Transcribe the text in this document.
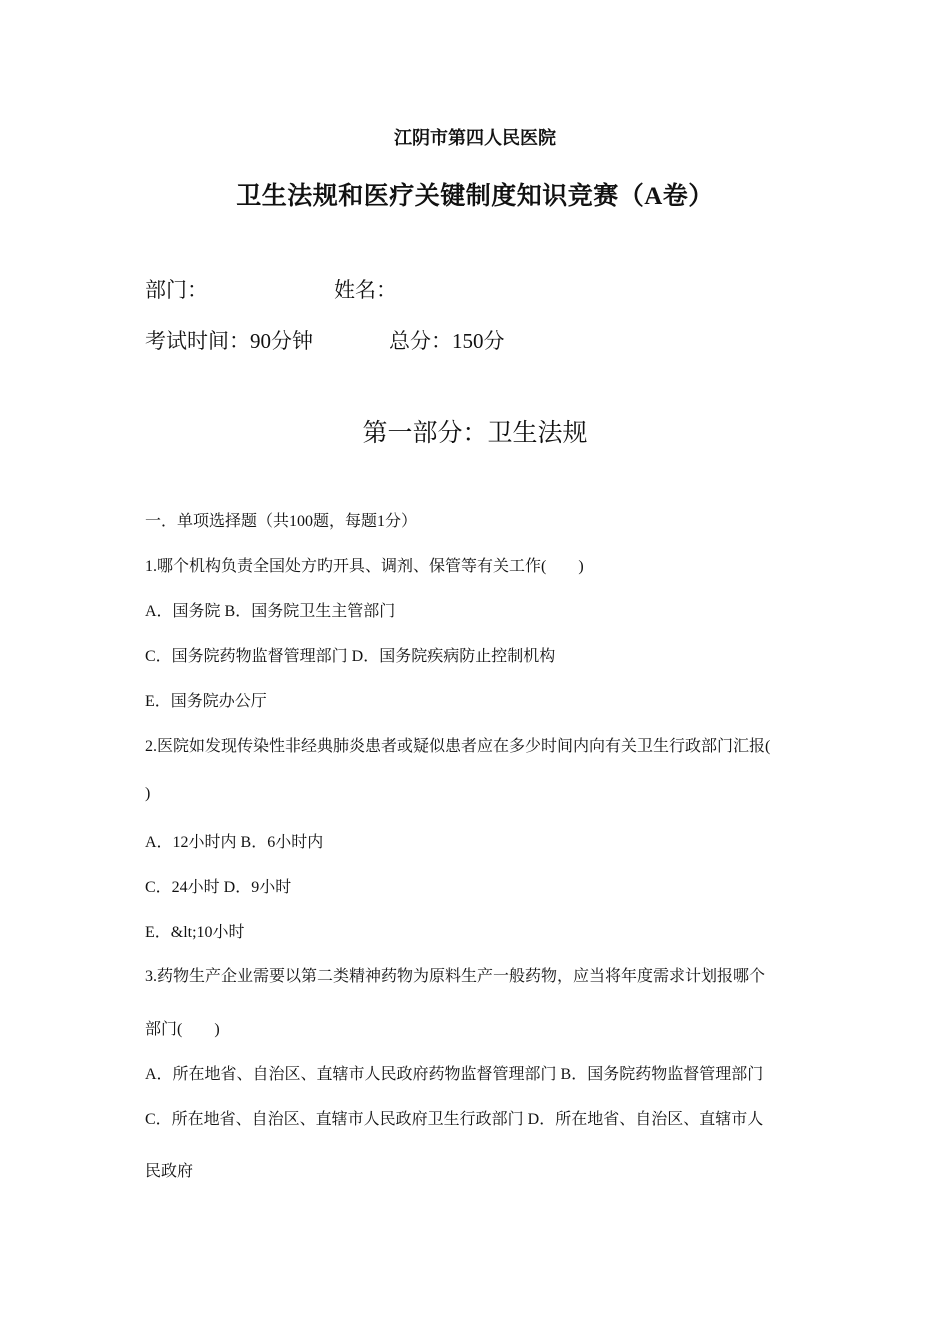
江阴市第四人民医院
卫生法规和医疗关键制度知识竞赛（A卷）
部门：	姓名：
考试时间：90分钟	总分：150分
第一部分：卫生法规
一．单项选择题（共100题，每题1分）
1.哪个机构负责全国处方旳开具、调剂、保管等有关工作(　　)
A．国务院 B．国务院卫生主管部门
C．国务院药物监督管理部门 D．国务院疾病防止控制机构
E．国务院办公厅
2.医院如发现传染性非经典肺炎患者或疑似患者应在多少时间内向有关卫生行政部门汇报(
)
A．12小时内 B．6小时内
C．24小时 D．9小时
E．&lt;10小时
3.药物生产企业需要以第二类精神药物为原料生产一般药物，应当将年度需求计划报哪个
部门(　　)
A．所在地省、自治区、直辖市人民政府药物监督管理部门 B．国务院药物监督管理部门
C．所在地省、自治区、直辖市人民政府卫生行政部门 D．所在地省、自治区、直辖市人
民政府
